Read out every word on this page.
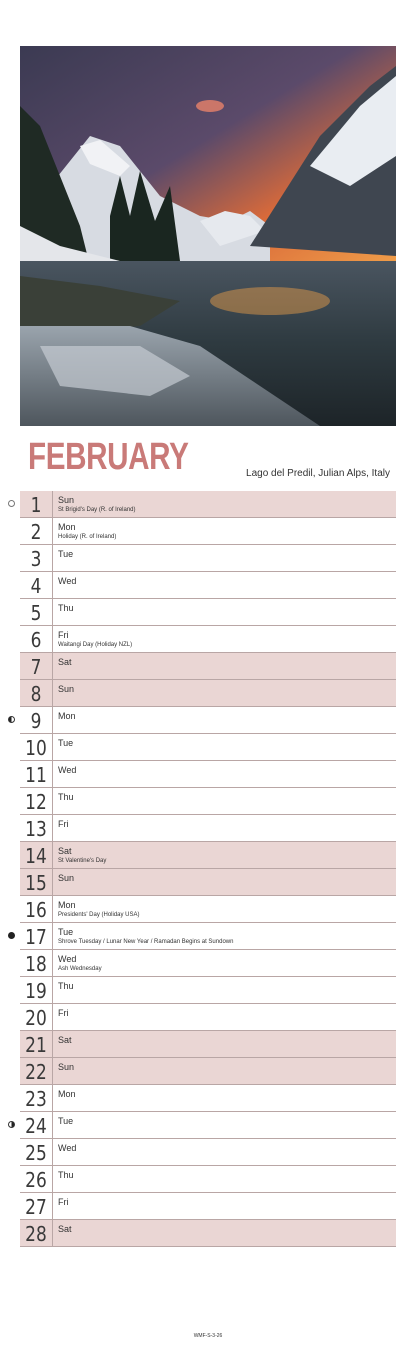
FEBRUARY	Lago del Predil, Julian Alps, Italy
1	Sun
St Brigid's Day (R. of Ireland)
2	Mon
Holiday (R. of Ireland)
3	Tue
4	Wed
5	Thu
6	Fri
Waitangi Day (Holiday NZL)
7	Sat
8	Sun
9	Mon
10	Tue
11	Wed
12	Thu
13	Fri
14	Sat
St Valentine's Day
15	Sun
16	Mon
Presidents' Day (Holiday USA)
17	Tue
Shrove Tuesday / Lunar New Year / Ramadan Begins at Sundown
18	Wed
Ash Wednesday
19	Thu
20	Fri
21	Sat
22	Sun
23	Mon
24	Tue
25	Wed
26	Thu
27	Fri
28	Sat
WMF-S-3-26
